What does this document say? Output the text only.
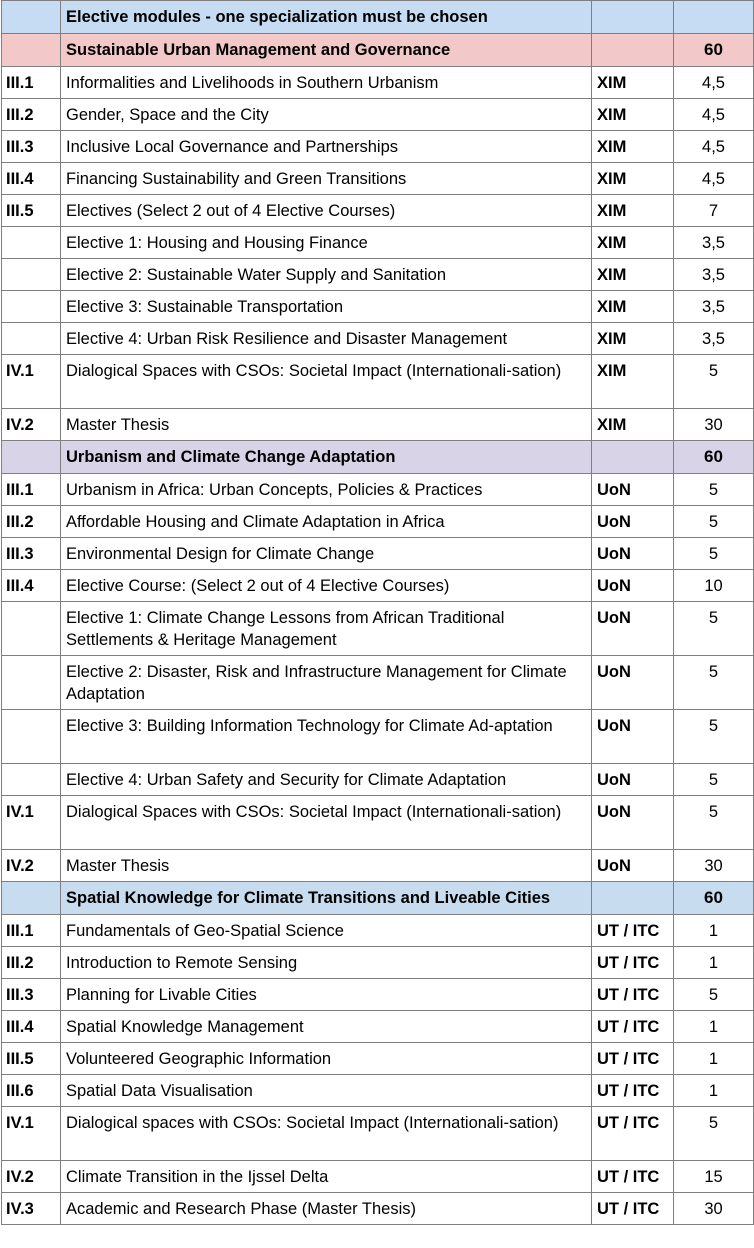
	Elective modules - one specialization must be chosen		
	Sustainable Urban Management and Governance		60
III.1	Informalities and Livelihoods in Southern Urbanism	XIM	4,5
III.2	Gender, Space and the City	XIM	4,5
III.3	Inclusive Local Governance and Partnerships	XIM	4,5
III.4	Financing Sustainability and Green Transitions	XIM	4,5
III.5	Electives (Select 2 out of 4 Elective Courses)	XIM	7
	Elective 1: Housing and Housing Finance	XIM	3,5
	Elective 2: Sustainable Water Supply and Sanitation	XIM	3,5
	Elective 3: Sustainable Transportation	XIM	3,5
	Elective 4: Urban Risk Resilience and Disaster Management	XIM	3,5
IV.1	Dialogical Spaces with CSOs: Societal Impact (Internationali-sation)	XIM	5
IV.2	Master Thesis	XIM	30
	Urbanism and Climate Change Adaptation		60
III.1	Urbanism in Africa: Urban Concepts, Policies & Practices	UoN	5
III.2	Affordable Housing and Climate Adaptation in Africa	UoN	5
III.3	Environmental Design for Climate Change	UoN	5
III.4	Elective Course: (Select 2 out of 4 Elective Courses)	UoN	10
	Elective 1: Climate Change Lessons from African Traditional Settlements & Heritage Management	UoN	5
	Elective 2: Disaster, Risk and Infrastructure Management for Climate Adaptation	UoN	5
	Elective 3: Building Information Technology for Climate Ad-aptation	UoN	5
	Elective 4: Urban Safety and Security for Climate Adaptation	UoN	5
IV.1	Dialogical Spaces with CSOs: Societal Impact (Internationali-sation)	UoN	5
IV.2	Master Thesis	UoN	30
	Spatial Knowledge for Climate Transitions and Liveable Cities		60
III.1	Fundamentals of Geo-Spatial Science	UT / ITC	1
III.2	Introduction to Remote Sensing	UT / ITC	1
III.3	Planning for Livable Cities	UT / ITC	5
III.4	Spatial Knowledge Management	UT / ITC	1
III.5	Volunteered Geographic Information	UT / ITC	1
III.6	Spatial Data Visualisation	UT / ITC	1
IV.1	Dialogical spaces with CSOs: Societal Impact (Internationali-sation)	UT / ITC	5
IV.2	Climate Transition in the Ijssel Delta	UT / ITC	15
IV.3	Academic and Research Phase (Master Thesis)	UT / ITC	30
